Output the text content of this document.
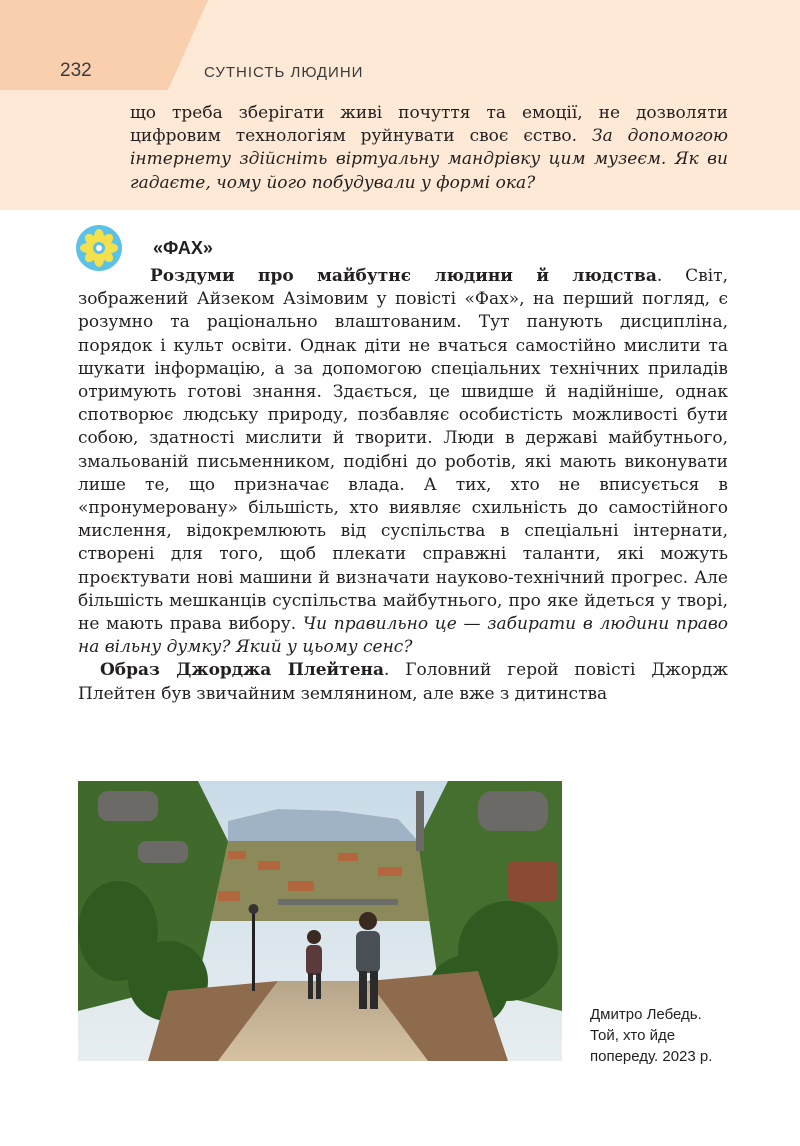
232	СУТНІСТЬ ЛЮДИНИ

що треба зберігати живі почуття та емоції, не дозволяти цифровим технологіям руйнувати своє єство. За допомогою інтернету здійсніть віртуальну мандрівку цим музеєм. Як ви гадаєте, чому його побудували у формі ока?

«ФАХ»

Роздуми про майбутнє людини й людства. Світ, зображений Айзеком Азімовим у повісті «Фах», на перший погляд, є розумно та раціонально влаштованим. Тут панують дисципліна, порядок і культ освіти. Однак діти не вчаться самостійно мислити та шукати інформацію, а за допомогою спеціальних технічних приладів отримують готові знання. Здається, це швидше й надійніше, однак спотворює людську природу, позбавляє особистість можливості бути собою, здатності мислити й творити. Люди в державі майбутнього, змальованій письменником, подібні до роботів, які мають виконувати лише те, що призначає влада. А тих, хто не вписується в «пронумеровану» більшість, хто виявляє схильність до самостійного мислення, відокремлюють від суспільства в спеціальні інтернати, створені для того, щоб плекати справжні таланти, які можуть проєктувати нові машини й визначати науково-технічний прогрес. Але більшість мешканців суспільства майбутнього, про яке йдеться у творі, не мають права вибору. Чи правильно це — забирати в людини право на вільну думку? Який у цьому сенс?

Образ Джорджа Плейтена. Головний герой повісті Джордж Плейтен був звичайним землянином, але вже з дитинства

Дмитро Лебедь.
Той, хто йде
попереду. 2023 р.
